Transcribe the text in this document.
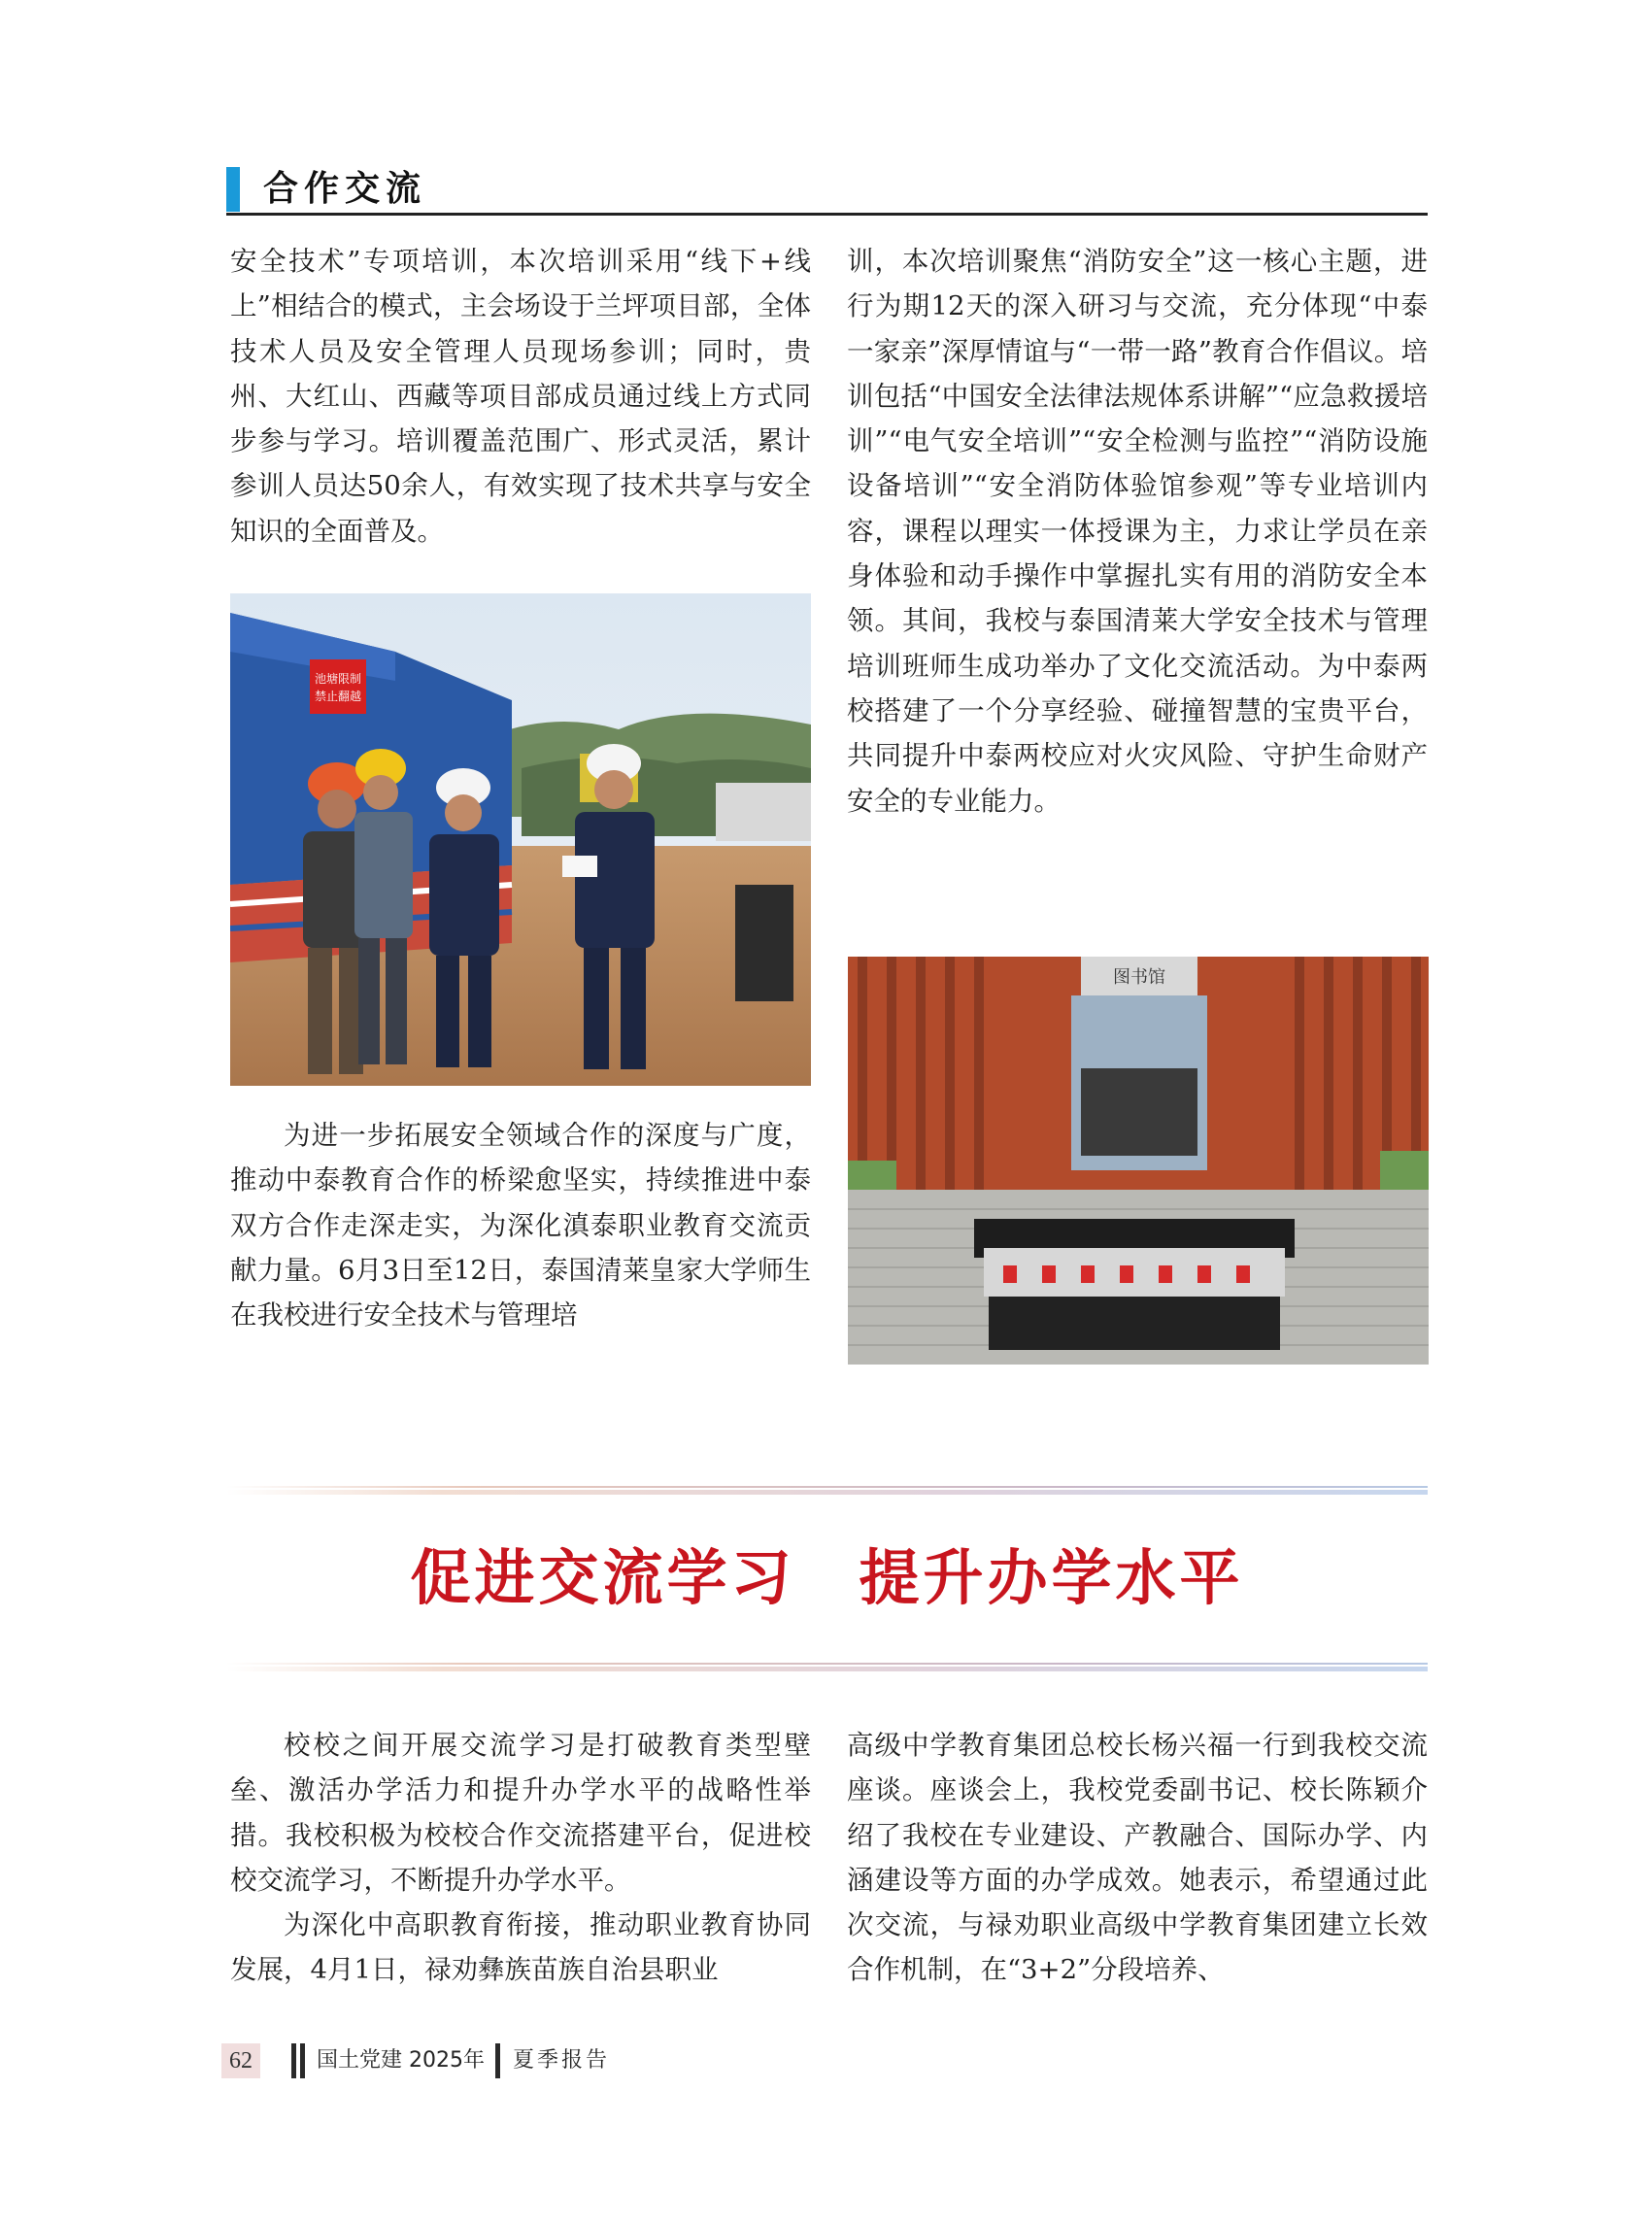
合作交流

安全技术”专项培训，本次培训采用“线下+线上”相结合的模式，主会场设于兰坪项目部，全体技术人员及安全管理人员现场参训；同时，贵州、大红山、西藏等项目部成员通过线上方式同步参与学习。培训覆盖范围广、形式灵活，累计参训人员达50余人，有效实现了技术共享与安全知识的全面普及。

为进一步拓展安全领域合作的深度与广度，推动中泰教育合作的桥梁愈坚实，持续推进中泰双方合作走深走实，为深化滇泰职业教育交流贡献力量。6月3日至12日，泰国清莱皇家大学师生在我校进行安全技术与管理培

训，本次培训聚焦“消防安全”这一核心主题，进行为期12天的深入研习与交流，充分体现“中泰一家亲”深厚情谊与“一带一路”教育合作倡议。培训包括“中国安全法律法规体系讲解”“应急救援培训”“电气安全培训”“安全检测与监控”“消防设施设备培训”“安全消防体验馆参观”等专业培训内容，课程以理实一体授课为主，力求让学员在亲身体验和动手操作中掌握扎实有用的消防安全本领。其间，我校与泰国清莱大学安全技术与管理培训班师生成功举办了文化交流活动。为中泰两校搭建了一个分享经验、碰撞智慧的宝贵平台，共同提升中泰两校应对火灾风险、守护生命财产安全的专业能力。

池塘限制
禁止翻越
图书馆
促进交流学习　提升办学水平

校校之间开展交流学习是打破教育类型壁垒、激活办学活力和提升办学水平的战略性举措。我校积极为校校合作交流搭建平台，促进校校交流学习，不断提升办学水平。

为深化中高职教育衔接，推动职业教育协同发展，4月1日，禄劝彝族苗族自治县职业

高级中学教育集团总校长杨兴福一行到我校交流座谈。座谈会上，我校党委副书记、校长陈颖介绍了我校在专业建设、产教融合、国际办学、内涵建设等方面的办学成效。她表示，希望通过此次交流，与禄劝职业高级中学教育集团建立长效合作机制，在“3+2”分段培养、

62	国土党建 2025年 夏季报告
